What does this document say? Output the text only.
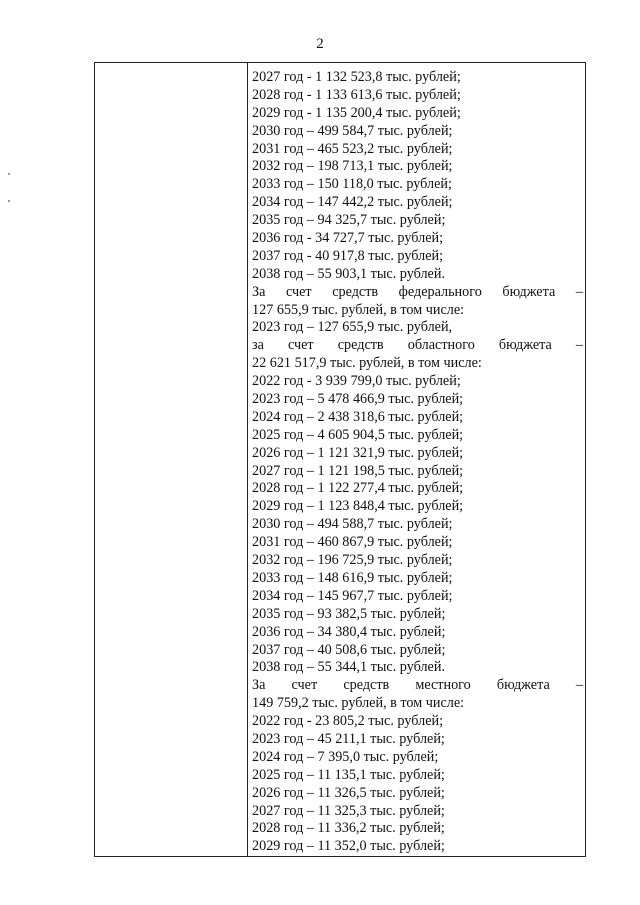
2
2027 год - 1 132 523,8 тыс. рублей;
2028 год - 1 133 613,6 тыс. рублей;
2029 год - 1 135 200,4 тыс. рублей;
2030 год – 499 584,7 тыс. рублей;
2031 год – 465 523,2 тыс. рублей;
2032 год – 198 713,1 тыс. рублей;
2033 год – 150 118,0 тыс. рублей;
2034 год – 147 442,2 тыс. рублей;
2035 год – 94 325,7 тыс. рублей;
2036 год - 34 727,7 тыс. рублей;
2037 год - 40 917,8 тыс. рублей;
2038 год – 55 903,1 тыс. рублей.
За счет средств федерального бюджета –
127 655,9 тыс. рублей, в том числе:
2023 год – 127 655,9 тыс. рублей,
за счет средств областного бюджета –
22 621 517,9 тыс. рублей, в том числе:
2022 год - 3 939 799,0 тыс. рублей;
2023 год – 5 478 466,9 тыс. рублей;
2024 год – 2 438 318,6 тыс. рублей;
2025 год – 4 605 904,5 тыс. рублей;
2026 год – 1 121 321,9 тыс. рублей;
2027 год – 1 121 198,5 тыс. рублей;
2028 год – 1 122 277,4 тыс. рублей;
2029 год – 1 123 848,4 тыс. рублей;
2030 год – 494 588,7 тыс. рублей;
2031 год – 460 867,9 тыс. рублей;
2032 год – 196 725,9 тыс. рублей;
2033 год – 148 616,9 тыс. рублей;
2034 год – 145 967,7 тыс. рублей;
2035 год – 93 382,5 тыс. рублей;
2036 год – 34 380,4 тыс. рублей;
2037 год – 40 508,6 тыс. рублей;
2038 год – 55 344,1 тыс. рублей.
За счет средств местного бюджета –
149 759,2 тыс. рублей, в том числе:
2022 год - 23 805,2 тыс. рублей;
2023 год – 45 211,1 тыс. рублей;
2024 год – 7 395,0 тыс. рублей;
2025 год – 11 135,1 тыс. рублей;
2026 год – 11 326,5 тыс. рублей;
2027 год – 11 325,3 тыс. рублей;
2028 год – 11 336,2 тыс. рублей;
2029 год – 11 352,0 тыс. рублей;
